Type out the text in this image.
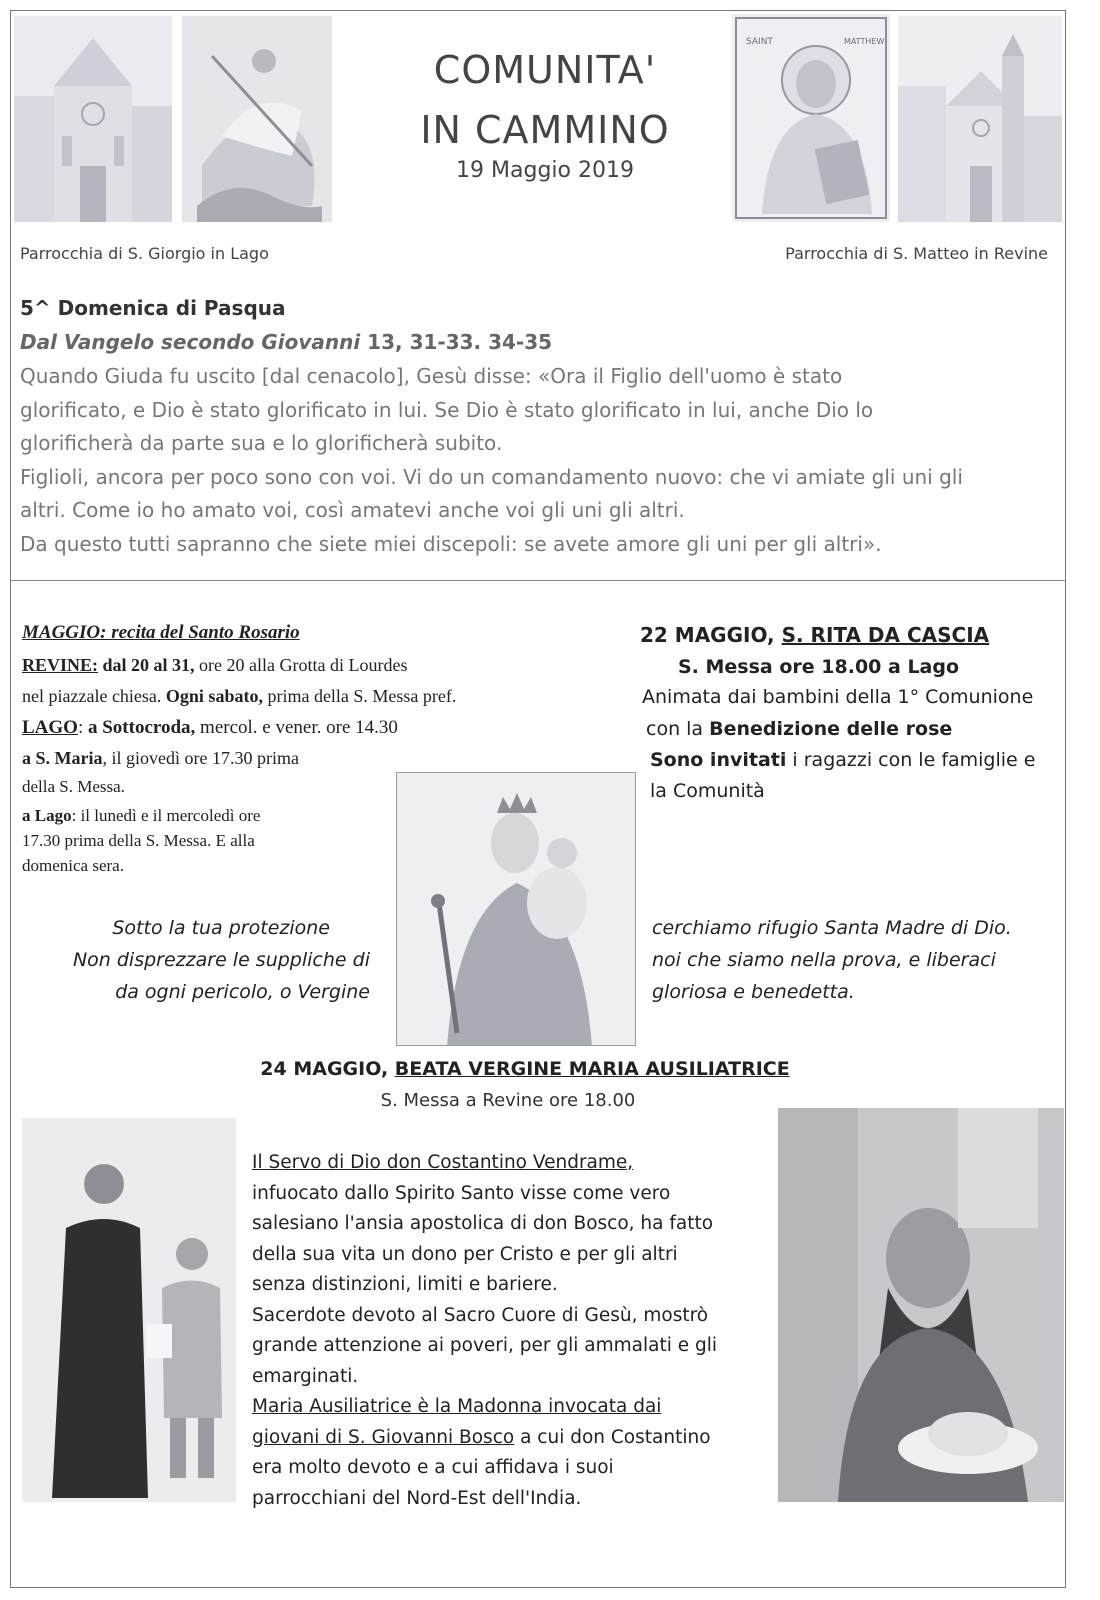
SAINT	MATTHEW
COMUNITA'
IN CAMMINO
19 Maggio 2019
Parrocchia di S. Giorgio in Lago	Parrocchia di S. Matteo in Revine
5^ Domenica di Pasqua
Dal Vangelo secondo Giovanni 13, 31-33. 34-35

Quando Giuda fu uscito [dal cenacolo], Gesù disse: «Ora il Figlio dell'uomo è stato

glorificato, e Dio è stato glorificato in lui. Se Dio è stato glorificato in lui, anche Dio lo

glorificherà da parte sua e lo glorificherà subito.

Figlioli, ancora per poco sono con voi. Vi do un comandamento nuovo: che vi amiate gli uni gli

altri. Come io ho amato voi, così amatevi anche voi gli uni gli altri.

Da questo tutti sapranno che siete miei discepoli: se avete amore gli uni per gli altri».

MAGGIO: recita del Santo Rosario
REVINE: dal 20 al 31, ore 20 alla Grotta di Lourdes
nel piazzale chiesa. Ogni sabato, prima della S. Messa pref.
LAGO: a Sottocroda, mercol. e vener. ore 14.30
a S. Maria, il giovedì ore 17.30 prima
della S. Messa.
a Lago: il lunedì e il mercoledì ore
17.30 prima della S. Messa. E alla
domenica sera.
22 MAGGIO, S. RITA DA CASCIA
S. Messa ore 18.00 a Lago
Animata dai bambini della 1° Comunione
con la Benedizione delle rose
Sono invitati i ragazzi con le famiglie e
la Comunità
Sotto la tua protezione
Non disprezzare le suppliche di
da ogni pericolo, o Vergine
cerchiamo rifugio Santa Madre di Dio.
noi che siamo nella prova, e liberaci
gloriosa e benedetta.
24 MAGGIO, BEATA VERGINE MARIA AUSILIATRICE
S. Messa a Revine ore 18.00
Il Servo di Dio don Costantino Vendrame,
infuocato dallo Spirito Santo visse come vero
salesiano l'ansia apostolica di don Bosco, ha fatto
della sua vita un dono per Cristo e per gli altri
senza distinzioni, limiti e bariere.
Sacerdote devoto al Sacro Cuore di Gesù, mostrò
grande attenzione ai poveri, per gli ammalati e gli
emarginati.
Maria Ausiliatrice è la Madonna invocata dai
giovani di S. Giovanni Bosco a cui don Costantino
era molto devoto e a cui affidava i suoi
parrocchiani del Nord-Est dell'India.
